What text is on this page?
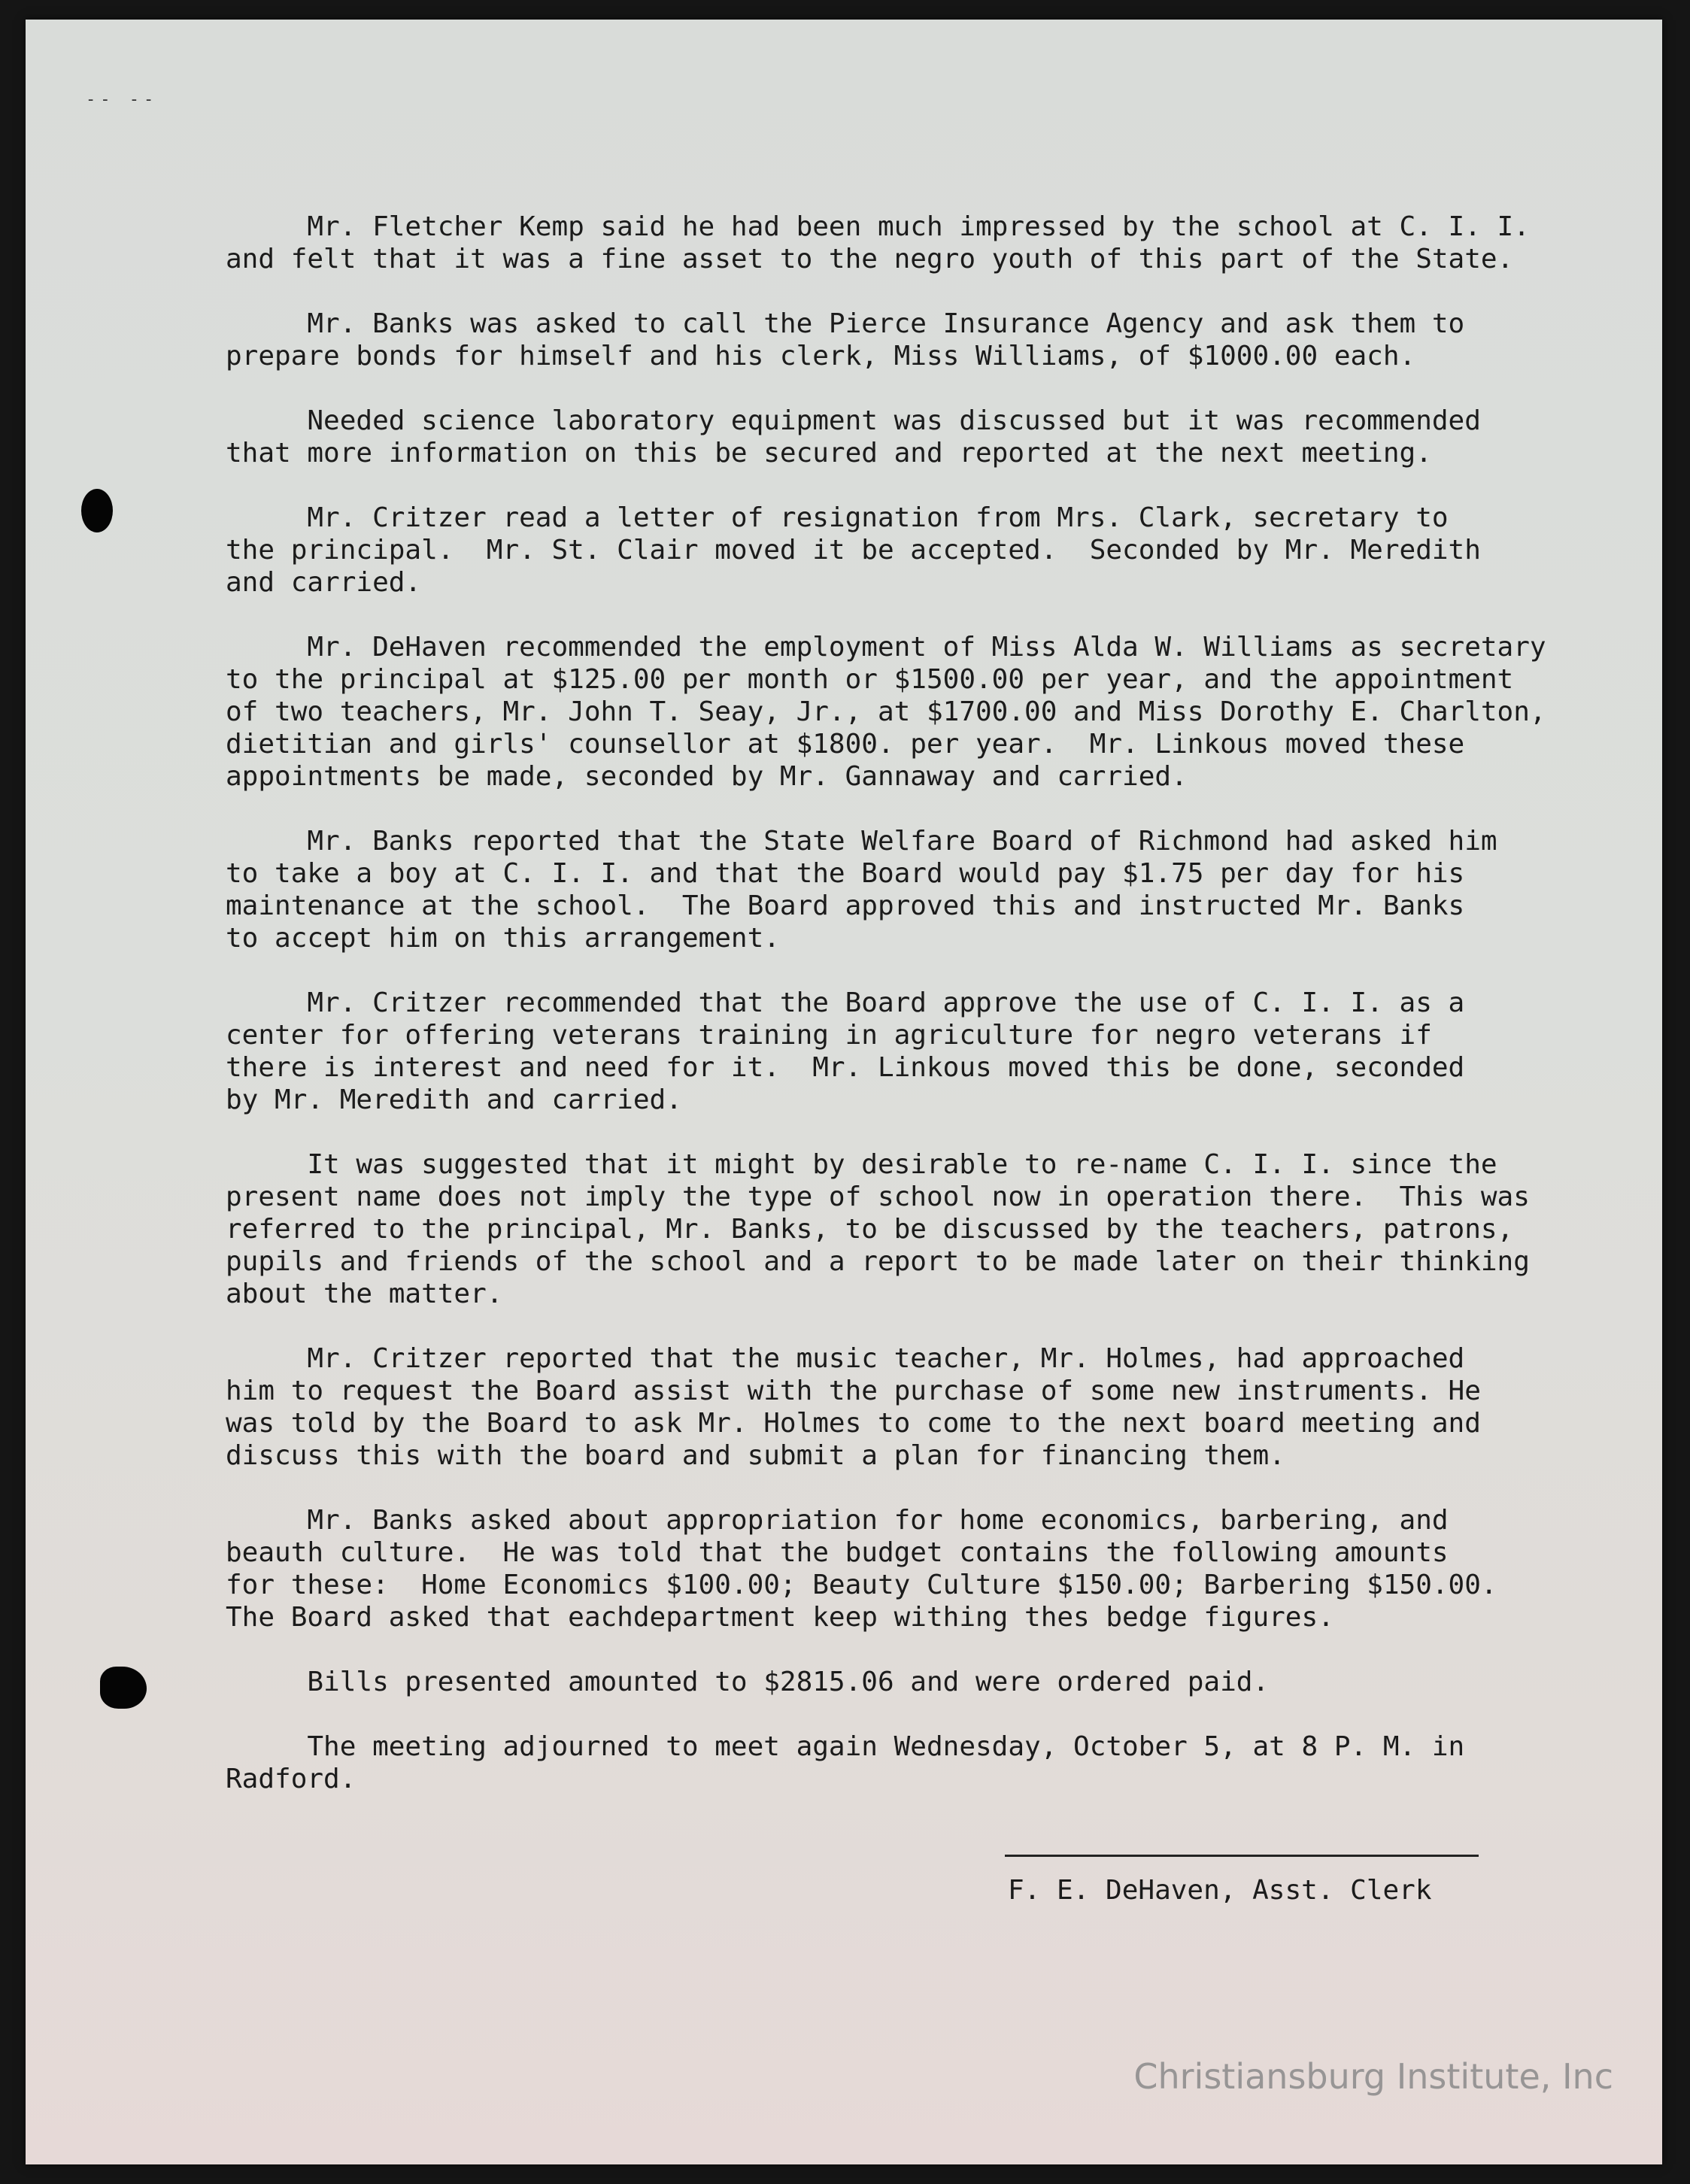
-- --
Mr. Fletcher Kemp said he had been much impressed by the school at C. I. I.
and felt that it was a fine asset to the negro youth of this part of the State.
Mr. Banks was asked to call the Pierce Insurance Agency and ask them to
prepare bonds for himself and his clerk, Miss Williams, of $1000.00 each.
Needed science laboratory equipment was discussed but it was recommended
that more information on this be secured and reported at the next meeting.
Mr. Critzer read a letter of resignation from Mrs. Clark, secretary to
the principal.  Mr. St. Clair moved it be accepted.  Seconded by Mr. Meredith
and carried.
Mr. DeHaven recommended the employment of Miss Alda W. Williams as secretary
to the principal at $125.00 per month or $1500.00 per year, and the appointment
of two teachers, Mr. John T. Seay, Jr., at $1700.00 and Miss Dorothy E. Charlton,
dietitian and girls' counsellor at $1800. per year.  Mr. Linkous moved these
appointments be made, seconded by Mr. Gannaway and carried.
Mr. Banks reported that the State Welfare Board of Richmond had asked him
to take a boy at C. I. I. and that the Board would pay $1.75 per day for his
maintenance at the school.  The Board approved this and instructed Mr. Banks
to accept him on this arrangement.
Mr. Critzer recommended that the Board approve the use of C. I. I. as a
center for offering veterans training in agriculture for negro veterans if
there is interest and need for it.  Mr. Linkous moved this be done, seconded
by Mr. Meredith and carried.
It was suggested that it might by desirable to re-name C. I. I. since the
present name does not imply the type of school now in operation there.  This was
referred to the principal, Mr. Banks, to be discussed by the teachers, patrons,
pupils and friends of the school and a report to be made later on their thinking
about the matter.
Mr. Critzer reported that the music teacher, Mr. Holmes, had approached
him to request the Board assist with the purchase of some new instruments. He
was told by the Board to ask Mr. Holmes to come to the next board meeting and
discuss this with the board and submit a plan for financing them.
Mr. Banks asked about appropriation for home economics, barbering, and
beauth culture.  He was told that the budget contains the following amounts
for these:  Home Economics $100.00; Beauty Culture $150.00; Barbering $150.00.
The Board asked that eachdepartment keep withing thes bedge figures.
Bills presented amounted to $2815.06 and were ordered paid.
The meeting adjourned to meet again Wednesday, October 5, at 8 P. M. in
Radford.
F. E. DeHaven, Asst. Clerk
Christiansburg Institute, Inc
